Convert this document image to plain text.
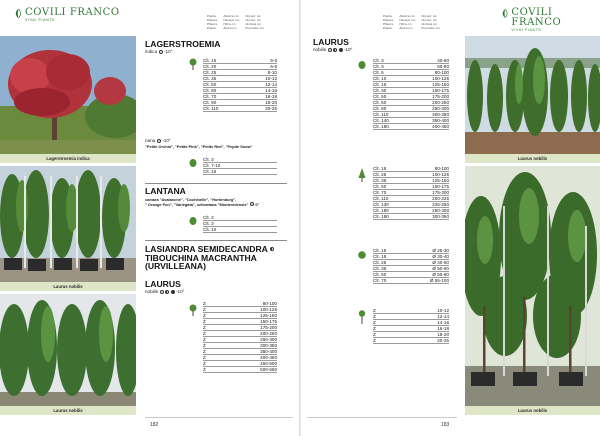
COVILI FRANCO
VIVAI PIANTE
Pianta
Plantes
Pflanze
Planta
Altezza cm
Hauteur cm
Höhe cm
Altura cm
Circonf. cm
Circonf. cm
Umfang cm
Perímetro cm
Lagerstroemia indica
Laurus nobilis
Laurus nobilis
LAGERSTROEMIA
indica -10°
Clt. 15	5-6
Clt. 20	6-8
Clt. 25	8-10
Clt. 35	10-12
Clt. 50	12-14
Clt. 60	14-16
Clt. 70	16-18
Clt. 90	18-20
Clt. 110	20-25
nana -10°
"Petite Orchid", "Petite Pink", "Petite Red", "Pepite Snow"
Clt. 3
Clt. 7-10
Clt. 15
LANTANA
camara "Avalanche", "Cochinelle", "Hortenburg",
" Orange Fun", "Variegata", sellowiana "Montevidensis" 0°
Clt. 2
Clt. 3
Clt. 10
LASIANDRA SEMIDECANDRA
TIBOUCHINA MACRANTHA
(URVILLEANA)
LAURUS
nobilis	-10°
Z	80-100
Z	100-125
Z	125-150
Z	150-175
Z	175-200
Z	200-250
Z	250-300
Z	300-350
Z	350-400
Z	400-450
Z	450-500
Z	500-550
182
Pianta
Plantes
Pflanze
Planta
Altezza cm
Hauteur cm
Höhe cm
Altura cm
Circonf. cm
Circonf. cm
Umfang cm
Perímetro cm
COVILI FRANCO
VIVAI PIANTE
LAURUS
nobilis	-10°
Clt. 3	40-60
Clt. 3	60-80
Clt. 5	80-100
Clt. 10	100-125
Clt. 15	125-150
Clt. 30	150-175
Clt. 50	175-200
Clt. 50	200-250
Clt. 80	250-300
Clt. 110	300-350
Clt. 140	350-400
Clt. 180	400-450
Clt. 18	80-100
Clt. 25	100-125
Clt. 35	125-150
Clt. 50	150-175
Clt. 70	175-200
Clt. 110	200-225
Clt. 130	225-250
Clt. 180	250-300
Clt. 180	300-350
Clt. 15	Ø 25-30
Clt. 18	Ø 30-40
Clt. 25	Ø 40-50
Clt. 35	Ø 50-60
Clt. 50	Ø 50-60
Clt. 70	Ø 55-100
Z	10-12
Z	12-14
Z	14-16
Z	16-18
Z	18-20
Z	20-25
Laurus nobilis
Laurus nobilis
183
